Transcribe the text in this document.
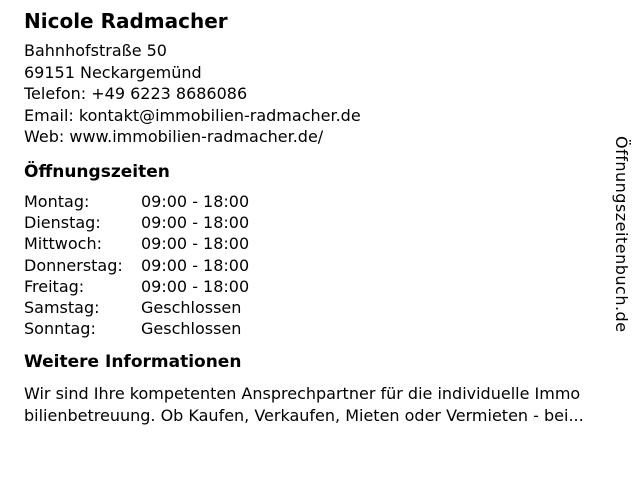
Nicole Radmacher
Bahnhofstraße 50
69151 Neckargemünd
Telefon: +49 6223 8686086
Email: kontakt@immobilien-radmacher.de
Web: www.immobilien-radmacher.de/
Öffnungszeiten
Montag:	09:00 - 18:00
Dienstag:	09:00 - 18:00
Mittwoch:	09:00 - 18:00
Donnerstag:	09:00 - 18:00
Freitag:	09:00 - 18:00
Samstag:	Geschlossen
Sonntag:	Geschlossen
Weitere Informationen
Wir sind Ihre kompetenten Ansprechpartner für die individuelle Immo
bilienbetreuung. Ob Kaufen, Verkaufen, Mieten oder Vermieten - bei...
Öffnungszeitenbuch.de
